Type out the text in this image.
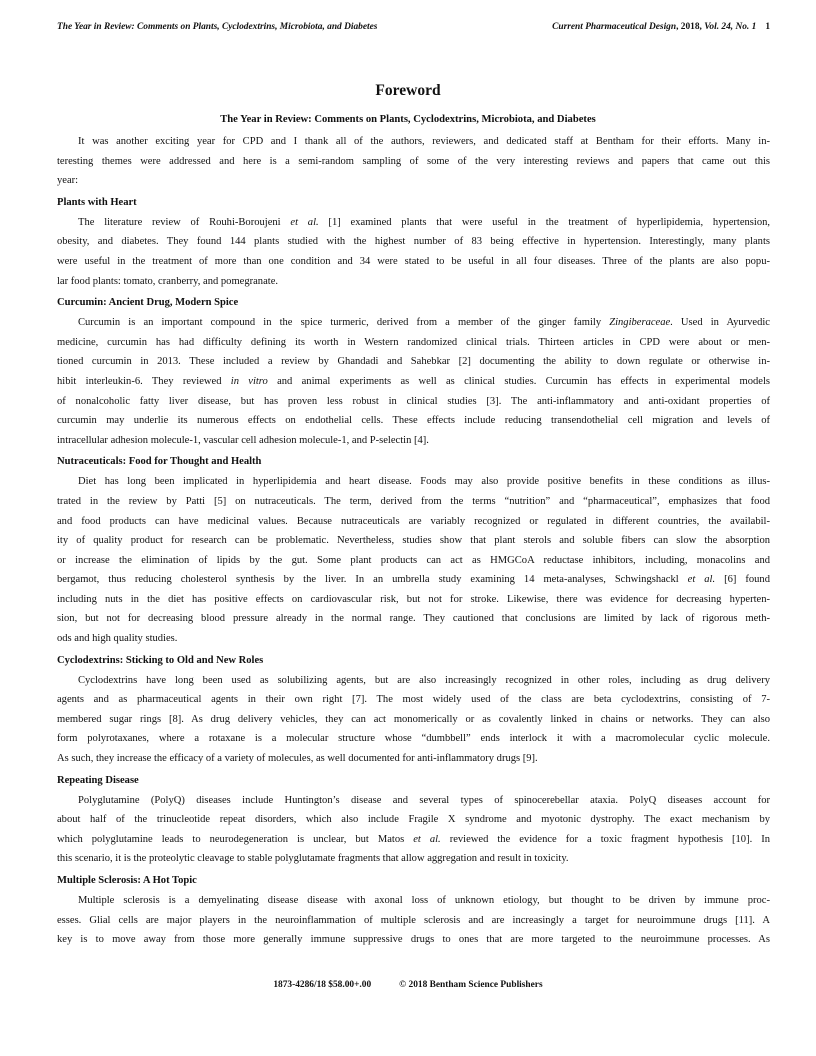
The Year in Review: Comments on Plants, Cyclodextrins, Microbiota, and Diabetes	Current Pharmaceutical Design, 2018, Vol. 24, No. 1 1
Foreword
The Year in Review: Comments on Plants, Cyclodextrins, Microbiota, and Diabetes
It was another exciting year for CPD and I thank all of the authors, reviewers, and dedicated staff at Bentham for their efforts. Many in-
teresting themes were addressed and here is a semi-random sampling of some of the very interesting reviews and papers that came out this
year:
Plants with Heart
The literature review of Rouhi-Boroujeni et al. [1] examined plants that were useful in the treatment of hyperlipidemia, hypertension,
obesity, and diabetes. They found 144 plants studied with the highest number of 83 being effective in hypertension. Interestingly, many plants
were useful in the treatment of more than one condition and 34 were stated to be useful in all four diseases. Three of the plants are also popu-
lar food plants: tomato, cranberry, and pomegranate.
Curcumin: Ancient Drug, Modern Spice
Curcumin is an important compound in the spice turmeric, derived from a member of the ginger family Zingiberaceae. Used in Ayurvedic
medicine, curcumin has had difficulty defining its worth in Western randomized clinical trials. Thirteen articles in CPD were about or men-
tioned curcumin in 2013. These included a review by Ghandadi and Sahebkar [2] documenting the ability to down regulate or otherwise in-
hibit interleukin-6. They reviewed in vitro and animal experiments as well as clinical studies. Curcumin has effects in experimental models
of nonalcoholic fatty liver disease, but has proven less robust in clinical studies [3]. The anti-inflammatory and anti-oxidant properties of
curcumin may underlie its numerous effects on endothelial cells. These effects include reducing transendothelial cell migration and levels of
intracellular adhesion molecule-1, vascular cell adhesion molecule-1, and P-selectin [4].
Nutraceuticals: Food for Thought and Health
Diet has long been implicated in hyperlipidemia and heart disease. Foods may also provide positive benefits in these conditions as illus-
trated in the review by Patti [5] on nutraceuticals. The term, derived from the terms “nutrition” and “pharmaceutical”, emphasizes that food
and food products can have medicinal values. Because nutraceuticals are variably recognized or regulated in different countries, the availabil-
ity of quality product for research can be problematic. Nevertheless, studies show that plant sterols and soluble fibers can slow the absorption
or increase the elimination of lipids by the gut. Some plant products can act as HMGCoA reductase inhibitors, including, monacolins and
bergamot, thus reducing cholesterol synthesis by the liver. In an umbrella study examining 14 meta-analyses, Schwingshackl et al. [6] found
including nuts in the diet has positive effects on cardiovascular risk, but not for stroke. Likewise, there was evidence for decreasing hyperten-
sion, but not for decreasing blood pressure already in the normal range. They cautioned that conclusions are limited by lack of rigorous meth-
ods and high quality studies.
Cyclodextrins: Sticking to Old and New Roles
Cyclodextrins have long been used as solubilizing agents, but are also increasingly recognized in other roles, including as drug delivery
agents and as pharmaceutical agents in their own right [7]. The most widely used of the class are beta cyclodextrins, consisting of 7-
membered sugar rings [8]. As drug delivery vehicles, they can act monomerically or as covalently linked in chains or networks. They can also
form polyrotaxanes, where a rotaxane is a molecular structure whose “dumbbell” ends interlock it with a macromolecular cyclic molecule.
As such, they increase the efficacy of a variety of molecules, as well documented for anti-inflammatory drugs [9].
Repeating Disease
Polyglutamine (PolyQ) diseases include Huntington’s disease and several types of spinocerebellar ataxia. PolyQ diseases account for
about half of the trinucleotide repeat disorders, which also include Fragile X syndrome and myotonic dystrophy. The exact mechanism by
which polyglutamine leads to neurodegeneration is unclear, but Matos et al. reviewed the evidence for a toxic fragment hypothesis [10]. In
this scenario, it is the proteolytic cleavage to stable polyglutamate fragments that allow aggregation and result in toxicity.
Multiple Sclerosis: A Hot Topic
Multiple sclerosis is a demyelinating disease disease with axonal loss of unknown etiology, but thought to be driven by immune proc-
esses. Glial cells are major players in the neuroinflammation of multiple sclerosis and are increasingly a target for neuroimmune drugs [11]. A
key is to move away from those more generally immune suppressive drugs to ones that are more targeted to the neuroimmune processes. As
1873-4286/18 $58.00+.00	© 2018 Bentham Science Publishers
